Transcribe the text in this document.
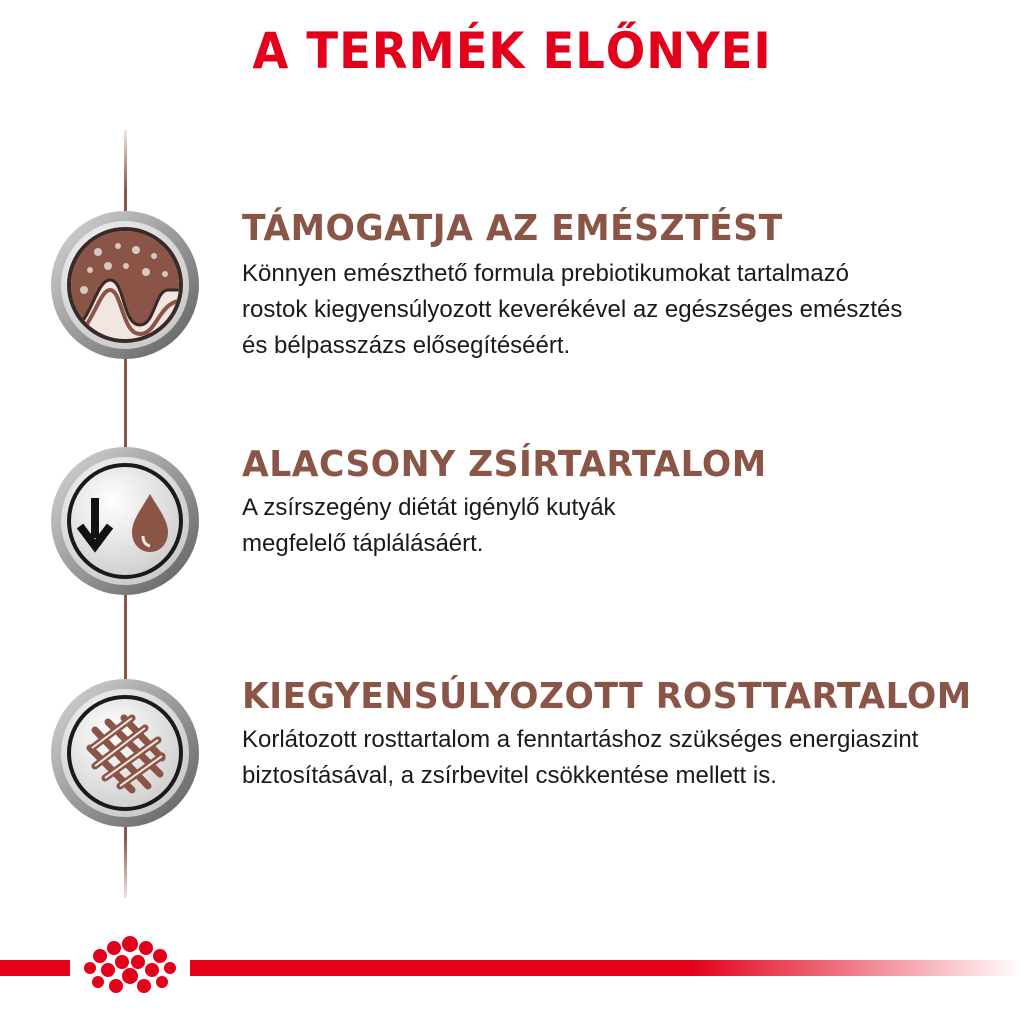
A TERMÉK ELŐNYEI
TÁMOGATJA AZ EMÉSZTÉST
Könnyen emészthető formula prebiotikumokat tartalmazó
rostok kiegyensúlyozott keverékével az egészséges emésztés
és bélpasszázs elősegítéséért.
ALACSONY ZSÍRTARTALOM
A zsírszegény diétát igénylő kutyák
megfelelő táplálásáért.
KIEGYENSÚLYOZOTT ROSTTARTALOM
Korlátozott rosttartalom a fenntartáshoz szükséges energiaszint
biztosításával, a zsírbevitel csökkentése mellett is.
